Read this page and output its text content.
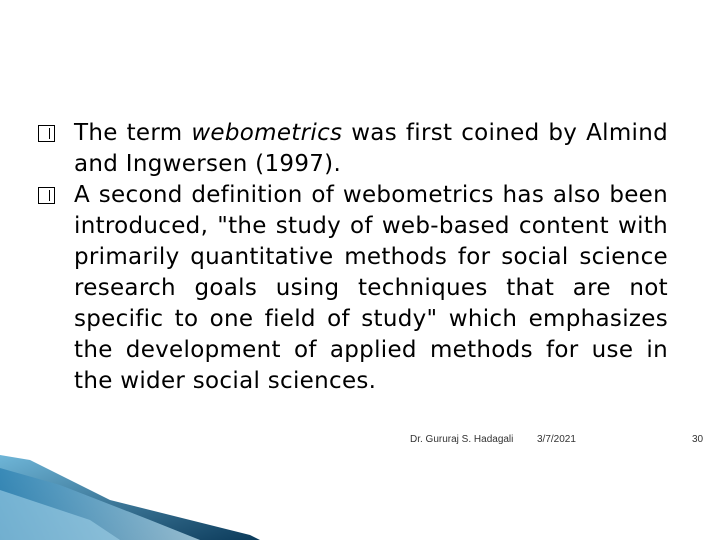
The term webometrics was first coined by Almind and Ingwersen (1997).
A second definition of webometrics has also been introduced, "the study of web-based content with primarily quantitative methods for social science research goals using techniques that are not specific to one field of study" which emphasizes the development of applied methods for use in the wider social sciences.
Dr. Gururaj S. Hadagali 3/7/2021	30
